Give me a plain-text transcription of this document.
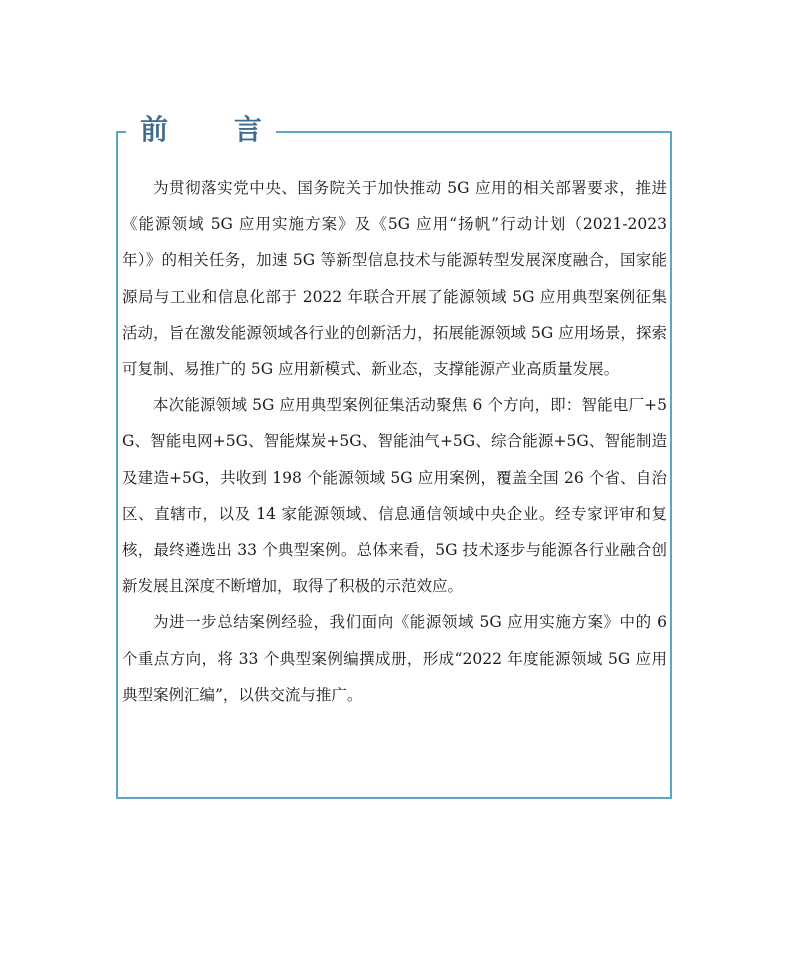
前 言

为贯彻落实党中央、国务院关于加快推动 5G 应用的相关部署要求，推进《能源领域 5G 应用实施方案》及《5G 应用“扬帆”行动计划（2021-2023 年）》的相关任务，加速 5G 等新型信息技术与能源转型发展深度融合，国家能源局与工业和信息化部于 2022 年联合开展了能源领域 5G 应用典型案例征集活动，旨在激发能源领域各行业的创新活力，拓展能源领域 5G 应用场景，探索可复制、易推广的 5G 应用新模式、新业态，支撑能源产业高质量发展。

本次能源领域 5G 应用典型案例征集活动聚焦 6 个方向，即：智能电厂+5G、智能电网+5G、智能煤炭+5G、智能油气+5G、综合能源+5G、智能制造及建造+5G，共收到 198 个能源领域 5G 应用案例，覆盖全国 26 个省、自治区、直辖市，以及 14 家能源领域、信息通信领域中央企业。经专家评审和复核，最终遴选出 33 个典型案例。总体来看，5G 技术逐步与能源各行业融合创新发展且深度不断增加，取得了积极的示范效应。

为进一步总结案例经验，我们面向《能源领域 5G 应用实施方案》中的 6 个重点方向，将 33 个典型案例编撰成册，形成“2022 年度能源领域 5G 应用典型案例汇编”，以供交流与推广。
